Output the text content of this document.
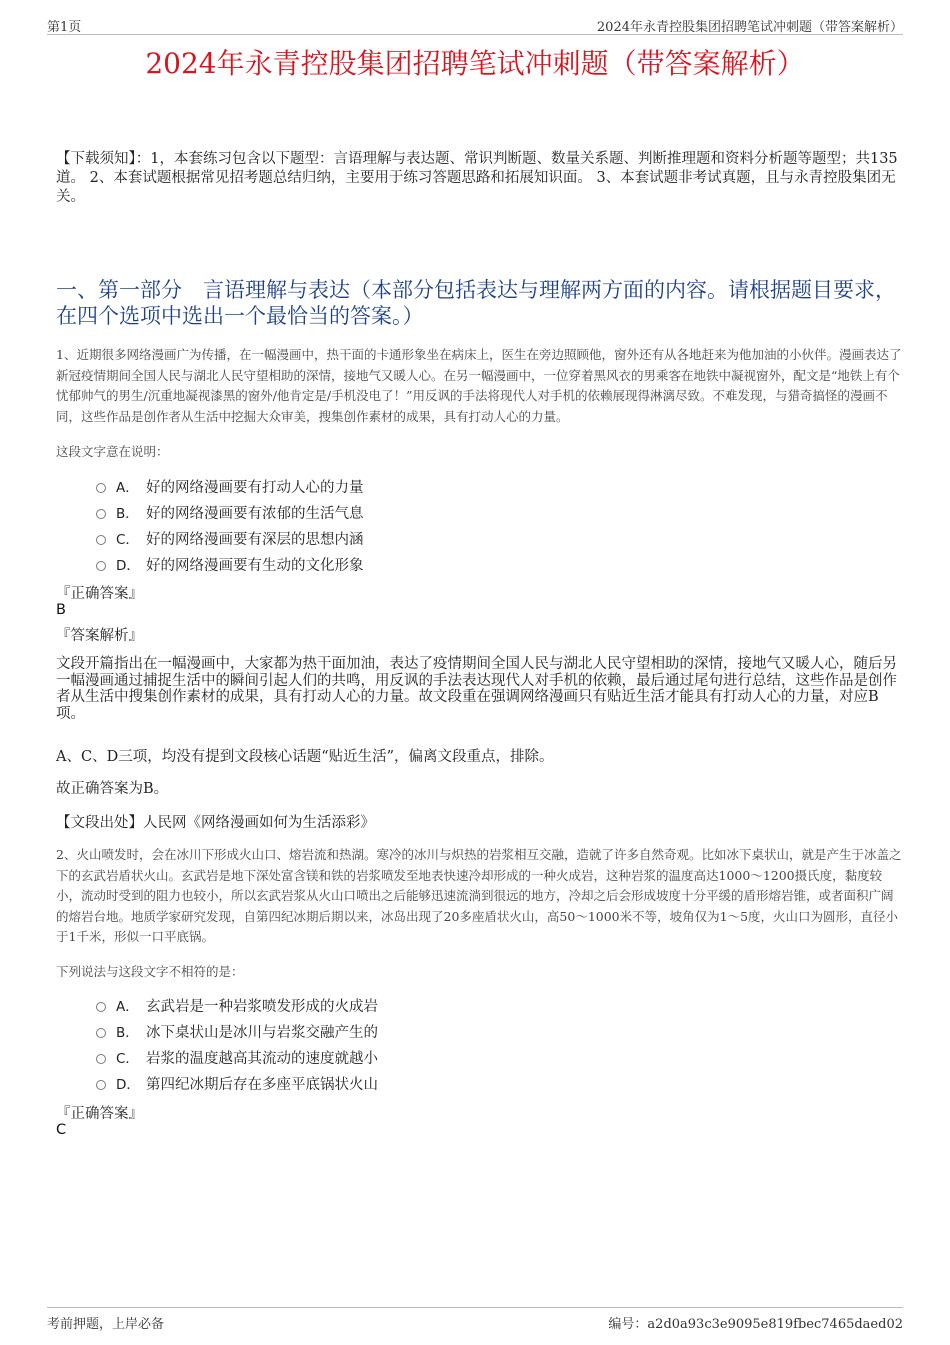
第1页	2024年永青控股集团招聘笔试冲刺题（带答案解析）
2024年永青控股集团招聘笔试冲刺题（带答案解析）
【下载须知】：1，本套练习包含以下题型：言语理解与表达题、常识判断题、数量关系题、判断推理题和资料分析题等题型；共135道。 2、本套试题根据常见招考题总结归纳，主要用于练习答题思路和拓展知识面。 3、本套试题非考试真题，且与永青控股集团无关。
一、第一部分　言语理解与表达（本部分包括表达与理解两方面的内容。请根据题目要求，在四个选项中选出一个最恰当的答案。）
1、近期很多网络漫画广为传播，在一幅漫画中，热干面的卡通形象坐在病床上，医生在旁边照顾他，窗外还有从各地赶来为他加油的小伙伴。漫画表达了新冠疫情期间全国人民与湖北人民守望相助的深情，接地气又暖人心。在另一幅漫画中，一位穿着黑风衣的男乘客在地铁中凝视窗外，配文是“地铁上有个忧郁帅气的男生/沉重地凝视漆黑的窗外/他肯定是/手机没电了！”用反讽的手法将现代人对手机的依赖展现得淋漓尽致。不难发现，与猎奇搞怪的漫画不同，这些作品是创作者从生活中挖掘大众审美，搜集创作素材的成果，具有打动人心的力量。
这段文字意在说明：
A． 好的网络漫画要有打动人心的力量
B． 好的网络漫画要有浓郁的生活气息
C． 好的网络漫画要有深层的思想内涵
D． 好的网络漫画要有生动的文化形象
『正确答案』
B
『答案解析』
文段开篇指出在一幅漫画中，大家都为热干面加油，表达了疫情期间全国人民与湖北人民守望相助的深情，接地气又暖人心，随后另一幅漫画通过捕捉生活中的瞬间引起人们的共鸣，用反讽的手法表达现代人对手机的依赖，最后通过尾句进行总结，这些作品是创作者从生活中搜集创作素材的成果，具有打动人心的力量。故文段重在强调网络漫画只有贴近生活才能具有打动人心的力量，对应B项。
A、C、D三项，均没有提到文段核心话题“贴近生活”，偏离文段重点，排除。
故正确答案为B。
【文段出处】人民网《网络漫画如何为生活添彩》
2、火山喷发时，会在冰川下形成火山口、熔岩流和热湖。寒冷的冰川与炽热的岩浆相互交融，造就了许多自然奇观。比如冰下桌状山，就是产生于冰盖之下的玄武岩盾状火山。玄武岩是地下深处富含镁和铁的岩浆喷发至地表快速冷却形成的一种火成岩，这种岩浆的温度高达1000～1200摄氏度，黏度较小，流动时受到的阻力也较小，所以玄武岩浆从火山口喷出之后能够迅速流淌到很远的地方，冷却之后会形成坡度十分平缓的盾形熔岩锥，或者面积广阔的熔岩台地。地质学家研究发现，自第四纪冰期后期以来，冰岛出现了20多座盾状火山，高50～1000米不等，坡角仅为1～5度，火山口为圆形，直径小于1千米，形似一口平底锅。
下列说法与这段文字不相符的是：
A． 玄武岩是一种岩浆喷发形成的火成岩
B． 冰下桌状山是冰川与岩浆交融产生的
C． 岩浆的温度越高其流动的速度就越小
D． 第四纪冰期后存在多座平底锅状火山
『正确答案』
C
考前押题，上岸必备	编号：a2d0a93c3e9095e819fbec7465daed02
